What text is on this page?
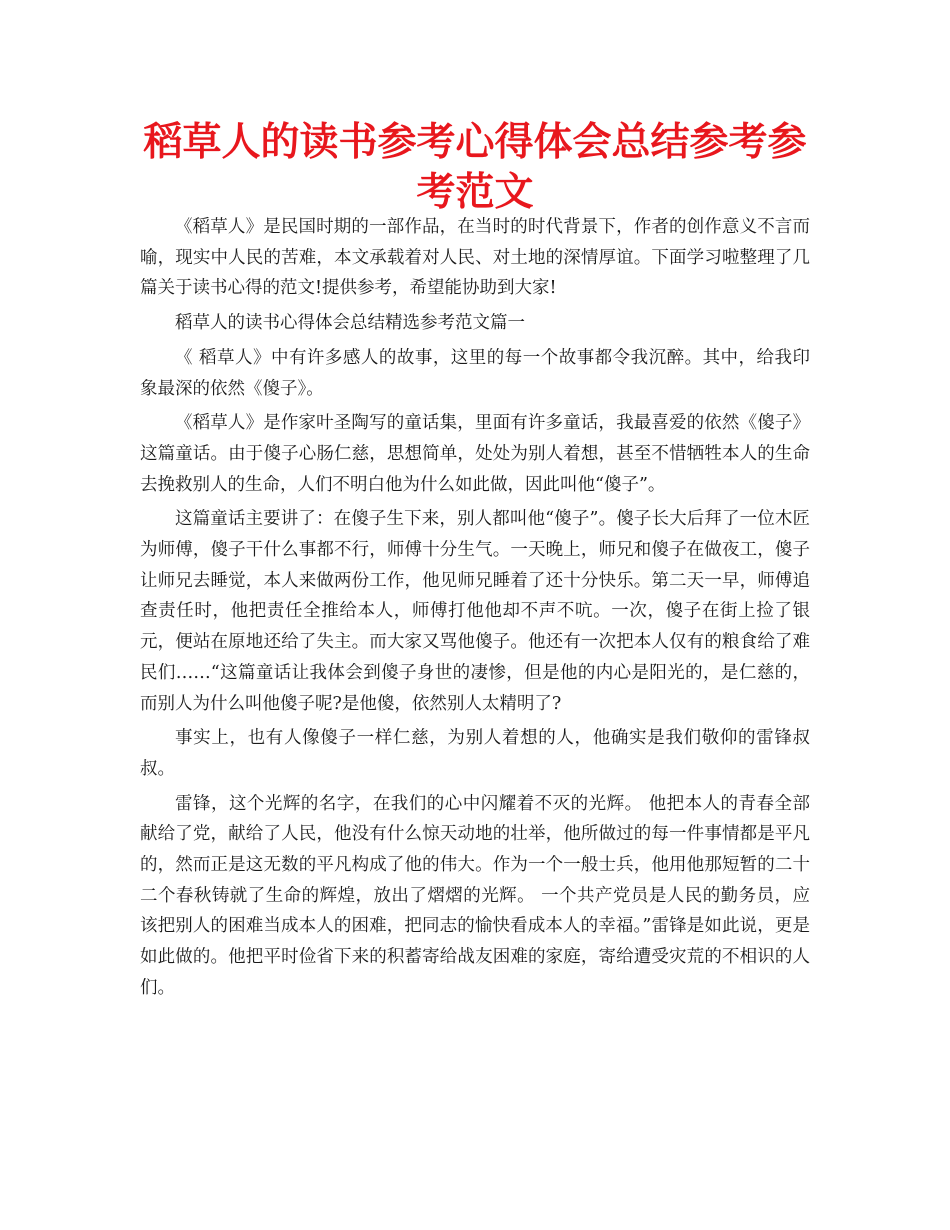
稻草人的读书参考心得体会总结参考参考范文

《稻草人》是民国时期的一部作品，在当时的时代背景下，作者的创作意义不言而喻，现实中人民的苦难，本文承载着对人民、对土地的深情厚谊。下面学习啦整理了几篇关于读书心得的范文!提供参考，希望能协助到大家!

稻草人的读书心得体会总结精选参考范文篇一

《 稻草人》中有许多感人的故事，这里的每一个故事都令我沉醉。其中，给我印象最深的依然《傻子》。

《稻草人》是作家叶圣陶写的童话集，里面有许多童话，我最喜爱的依然《傻子》这篇童话。由于傻子心肠仁慈，思想简单，处处为别人着想，甚至不惜牺牲本人的生命去挽救别人的生命，人们不明白他为什么如此做，因此叫他“傻子”。

这篇童话主要讲了：在傻子生下来，别人都叫他“傻子”。傻子长大后拜了一位木匠为师傅，傻子干什么事都不行，师傅十分生气。一天晚上，师兄和傻子在做夜工，傻子让师兄去睡觉，本人来做两份工作，他见师兄睡着了还十分快乐。第二天一早，师傅追查责任时，他把责任全推给本人，师傅打他他却不声不吭。一次，傻子在街上捡了银元，便站在原地还给了失主。而大家又骂他傻子。他还有一次把本人仅有的粮食给了难民们……“这篇童话让我体会到傻子身世的凄惨，但是他的内心是阳光的，是仁慈的，而别人为什么叫他傻子呢?是他傻，依然别人太精明了?

事实上，也有人像傻子一样仁慈，为别人着想的人，他确实是我们敬仰的雷锋叔叔。

雷锋，这个光辉的名字，在我们的心中闪耀着不灭的光辉。 他把本人的青春全部献给了党，献给了人民，他没有什么惊天动地的壮举，他所做过的每一件事情都是平凡的，然而正是这无数的平凡构成了他的伟大。作为一个一般士兵，他用他那短暂的二十二个春秋铸就了生命的辉煌，放出了熠熠的光辉。 一个共产党员是人民的勤务员，应该把别人的困难当成本人的困难，把同志的愉快看成本人的幸福。”雷锋是如此说，更是如此做的。他把平时俭省下来的积蓄寄给战友困难的家庭，寄给遭受灾荒的不相识的人们。
